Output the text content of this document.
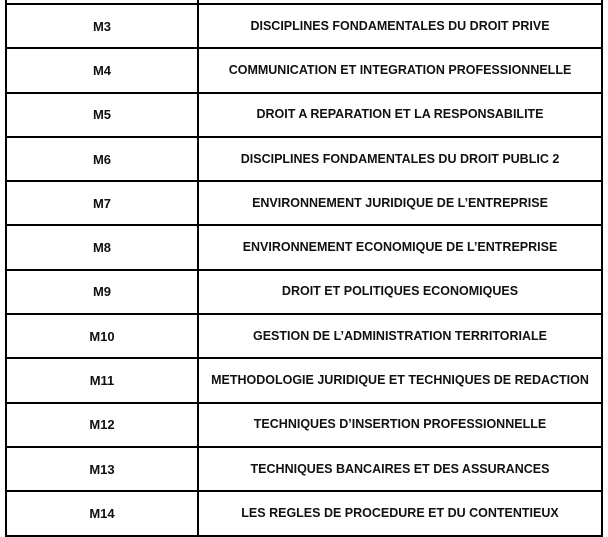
M3	DISCIPLINES FONDAMENTALES DU DROIT PRIVE
M4	COMMUNICATION ET INTEGRATION PROFESSIONNELLE
M5	DROIT A REPARATION ET LA RESPONSABILITE
M6	DISCIPLINES FONDAMENTALES DU DROIT PUBLIC 2
M7	ENVIRONNEMENT JURIDIQUE DE L’ENTREPRISE
M8	ENVIRONNEMENT ECONOMIQUE DE L’ENTREPRISE
M9	DROIT ET POLITIQUES ECONOMIQUES
M10	GESTION DE L’ADMINISTRATION TERRITORIALE
M11	METHODOLOGIE JURIDIQUE ET TECHNIQUES DE REDACTION
M12	TECHNIQUES D’INSERTION PROFESSIONNELLE
M13	TECHNIQUES BANCAIRES ET DES ASSURANCES
M14	LES REGLES DE PROCEDURE ET DU CONTENTIEUX
